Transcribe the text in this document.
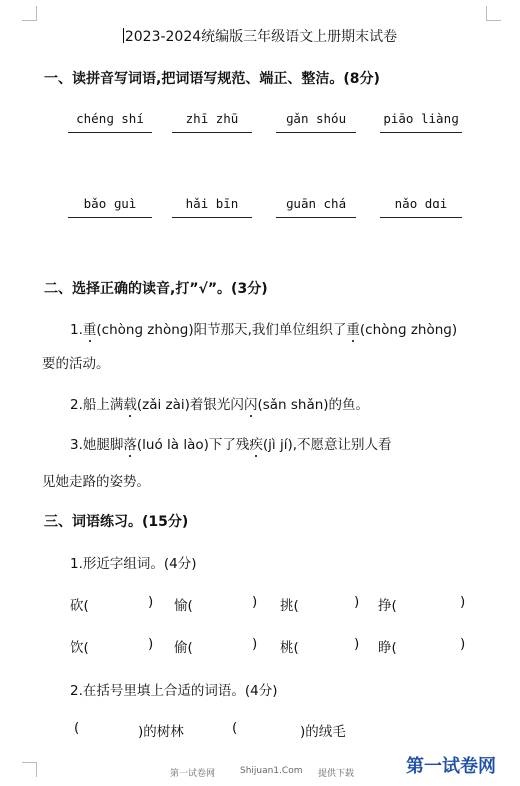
2023-2024统编版三年级语文上册期末试卷
一、读拼音写词语,把词语写规范、端正、整洁。(8分)
chénɡ shí	zhī zhū	ɡǎn shóu	piāo liànɡ
bǎo ɡuì	hǎi bīn	ɡuān chá	nǎo dɑi
二、选择正确的读音,打”√”。(3分)
1.重(chònɡ zhònɡ)阳节那天,我们单位组织了重(chònɡ zhònɡ)
要的活动。
2.船上满载(zǎi zài)着银光闪闪(sǎn shǎn)的鱼。
3.她腿脚落(luó là lào)下了残疾(jì jí),不愿意让别人看
见她走路的姿势。
三、词语练习。(15分)
1.形近字组词。(4分)
砍(	) 愉(	) 挑(	) 挣(	)
饮(	) 偷(	) 桃(	) 睁(	)
2.在括号里填上合适的词语。(4分)
(	)的树林	(	)的绒毛
第一试卷网	Shijuan1.Com 提供下载	第一试卷网
